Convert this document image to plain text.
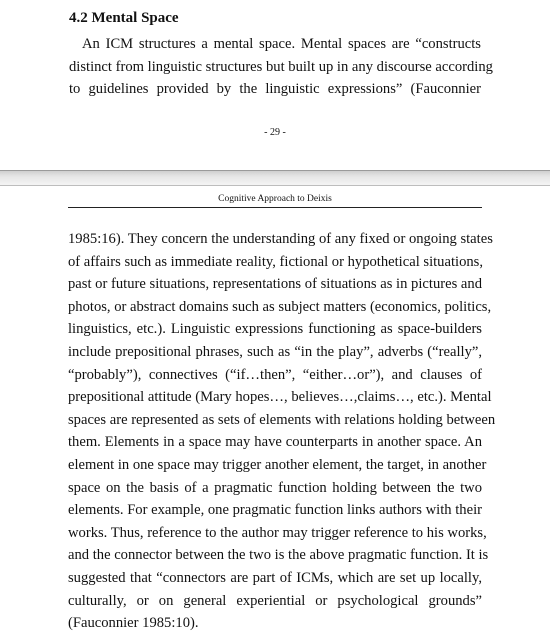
4.2 Mental Space
An ICM structures a mental space. Mental spaces are “constructs
distinct from linguistic structures but built up in any discourse according
to guidelines provided by the linguistic expressions” (Fauconnier
- 29 -
Cognitive Approach to Deixis
1985:16). They concern the understanding of any fixed or ongoing states
of affairs such as immediate reality, fictional or hypothetical situations,
past or future situations, representations of situations as in pictures and
photos, or abstract domains such as subject matters (economics, politics,
linguistics, etc.). Linguistic expressions functioning as space-builders
include prepositional phrases, such as “in the play”, adverbs (“really”,
“probably”), connectives (“if…then”, “either…or”), and clauses of
prepositional attitude (Mary hopes…, believes…,claims…, etc.). Mental
spaces are represented as sets of elements with relations holding between
them. Elements in a space may have counterparts in another space. An
element in one space may trigger another element, the target, in another
space on the basis of a pragmatic function holding between the two
elements. For example, one pragmatic function links authors with their
works. Thus, reference to the author may trigger reference to his works,
and the connector between the two is the above pragmatic function. It is
suggested that “connectors are part of ICMs, which are set up locally,
culturally, or on general experiential or psychological grounds”
(Fauconnier 1985:10).
